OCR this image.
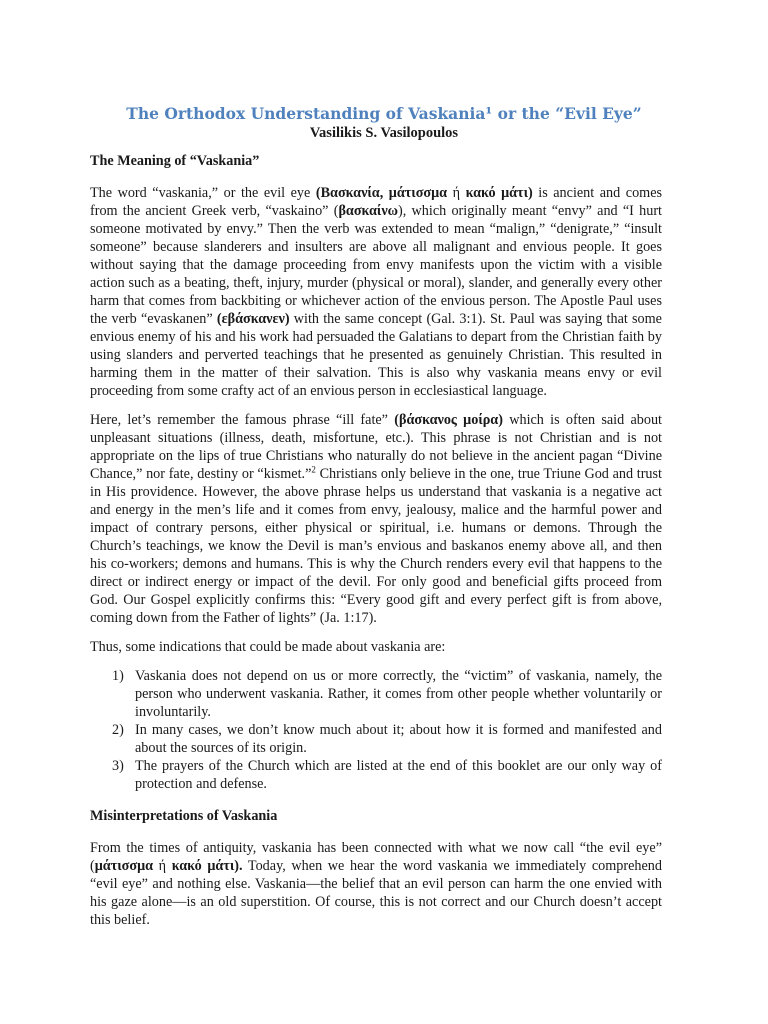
The Orthodox Understanding of Vaskania¹ or the “Evil Eye”
Vasilikis S. Vasilopoulos
The Meaning of “Vaskania”

The word “vaskania,” or the evil eye (Βασκανία, μάτισσμα ή κακό μάτι) is ancient and comes from the ancient Greek verb, “vaskaino” (βασκαίνω), which originally meant “envy” and “I hurt someone motivated by envy.” Then the verb was extended to mean “malign,” “denigrate,” “insult someone” because slanderers and insulters are above all malignant and envious people. It goes without saying that the damage proceeding from envy manifests upon the victim with a visible action such as a beating, theft, injury, murder (physical or moral), slander, and generally every other harm that comes from backbiting or whichever action of the envious person. The Apostle Paul uses the verb “evaskanen” (εβάσκανεν) with the same concept (Gal. 3:1). St. Paul was saying that some envious enemy of his and his work had persuaded the Galatians to depart from the Christian faith by using slanders and perverted teachings that he presented as genuinely Christian. This resulted in harming them in the matter of their salvation. This is also why vaskania means envy or evil proceeding from some crafty act of an envious person in ecclesiastical language.

Here, let’s remember the famous phrase “ill fate” (βάσκανος μοίρα) which is often said about unpleasant situations (illness, death, misfortune, etc.). This phrase is not Christian and is not appropriate on the lips of true Christians who naturally do not believe in the ancient pagan “Divine Chance,” nor fate, destiny or “kismet.”$^2$ Christians only believe in the one, true Triune God and trust in His providence. However, the above phrase helps us understand that vaskania is a negative act and energy in the men’s life and it comes from envy, jealousy, malice and the harmful power and impact of contrary persons, either physical or spiritual, i.e. humans or demons. Through the Church’s teachings, we know the Devil is man’s envious and baskanos enemy above all, and then his co-workers; demons and humans. This is why the Church renders every evil that happens to the direct or indirect energy or impact of the devil. For only good and beneficial gifts proceed from God. Our Gospel explicitly confirms this: “Every good gift and every perfect gift is from above, coming down from the Father of lights” (Ja. 1:17).

Thus, some indications that could be made about vaskania are:

1) Vaskania does not depend on us or more correctly, the “victim” of vaskania, namely, the person who underwent vaskania. Rather, it comes from other people whether voluntarily or involuntarily.
2) In many cases, we don’t know much about it; about how it is formed and manifested and about the sources of its origin.
3) The prayers of the Church which are listed at the end of this booklet are our only way of protection and defense.
Misinterpretations of Vaskania

From the times of antiquity, vaskania has been connected with what we now call “the evil eye” (μάτισσμα ή κακό μάτι). Today, when we hear the word vaskania we immediately comprehend “evil eye” and nothing else. Vaskania—the belief that an evil person can harm the one envied with his gaze alone—is an old superstition. Of course, this is not correct and our Church doesn’t accept this belief.
